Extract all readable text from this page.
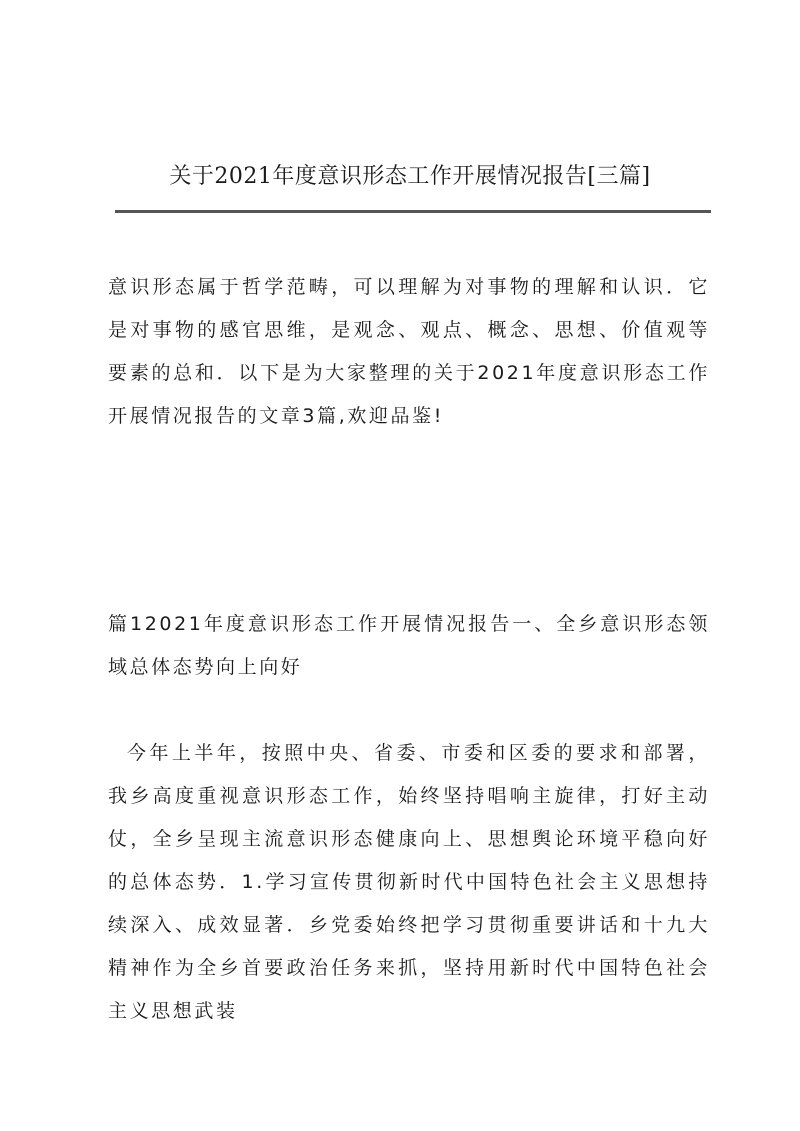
关于2021年度意识形态工作开展情况报告[三篇]
意识形态属于哲学范畴，可以理解为对事物的理解和认识．它是对事物的感官思维，是观念、观点、概念、思想、价值观等要素的总和．以下是为大家整理的关于2021年度意识形态工作开展情况报告的文章3篇,欢迎品鉴!
篇12021年度意识形态工作开展情况报告一、全乡意识形态领域总体态势向上向好
今年上半年，按照中央、省委、市委和区委的要求和部署，我乡高度重视意识形态工作，始终坚持唱响主旋律，打好主动仗，全乡呈现主流意识形态健康向上、思想舆论环境平稳向好的总体态势．1.学习宣传贯彻新时代中国特色社会主义思想持续深入、成效显著．乡党委始终把学习贯彻重要讲话和十九大精神作为全乡首要政治任务来抓，坚持用新时代中国特色社会主义思想武装
